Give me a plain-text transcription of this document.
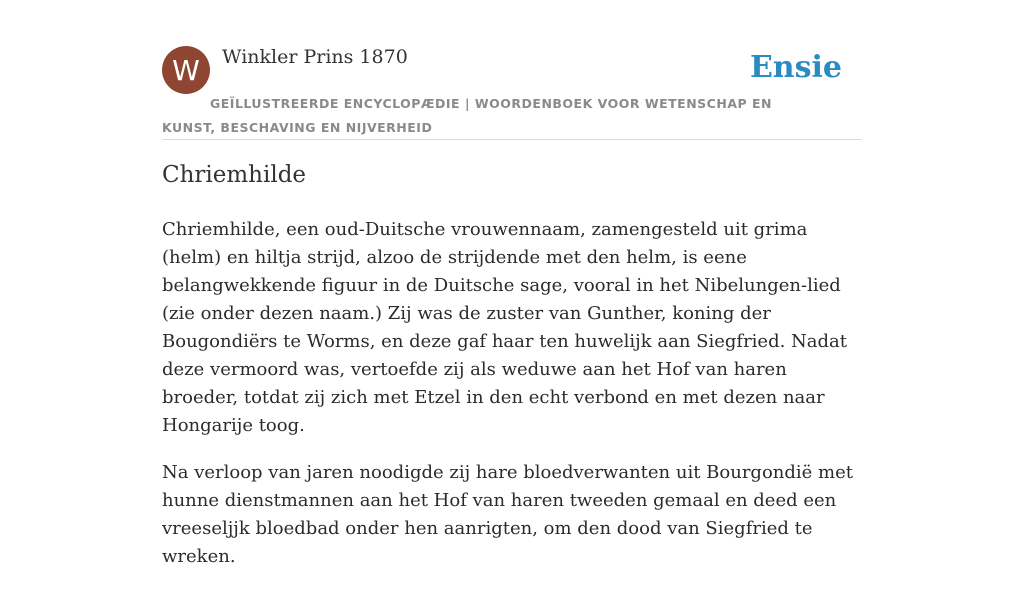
W	Winkler Prins 1870	Ensie
GEÏLLUSTREERDE ENCYCLOPÆDIE | WOORDENBOEK VOOR WETENSCHAP EN KUNST, BESCHAVING EN NIJVERHEID
Chriemhilde

Chriemhilde, een oud-Duitsche vrouwennaam, zamengesteld uit grima (helm) en hiltja strijd, alzoo de strijdende met den helm, is eene belangwekkende figuur in de Duitsche sage, vooral in het Nibelungen-lied (zie onder dezen naam.) Zij was de zuster van Gunther, koning der Bougondiërs te Worms, en deze gaf haar ten huwelijk aan Siegfried. Nadat deze vermoord was, vertoefde zij als weduwe aan het Hof van haren broeder, totdat zij zich met Etzel in den echt verbond en met dezen naar Hongarije toog.

Na verloop van jaren noodigde zij hare bloedverwanten uit Bourgondië met hunne dienstmannen aan het Hof van haren tweeden gemaal en deed een vreeseljjk bloedbad onder hen aanrigten, om den dood van Siegfried te wreken.
